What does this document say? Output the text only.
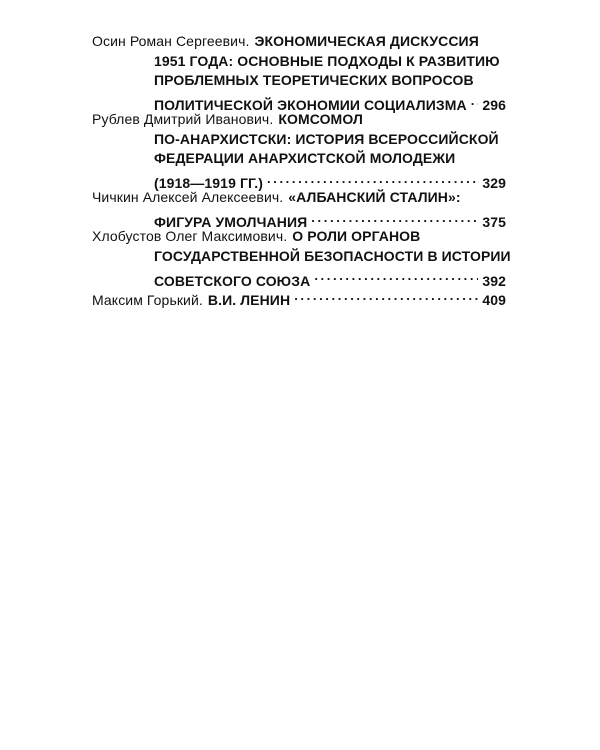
Осин Роман Сергеевич. ЭКОНОМИЧЕСКАЯ ДИСКУССИЯ
1951 ГОДА: ОСНОВНЫЕ ПОДХОДЫ К РАЗВИТИЮ
ПРОБЛЕМНЫХ ТЕОРЕТИЧЕСКИХ ВОПРОСОВ
ПОЛИТИЧЕСКОЙ ЭКОНОМИИ СОЦИАЛИЗМА . . . 296
Рублев Дмитрий Иванович. КОМСОМОЛ
ПО-АНАРХИСТСКИ: ИСТОРИЯ ВСЕРОССИЙСКОЙ
ФЕДЕРАЦИИ АНАРХИСТСКОЙ МОЛОДЕЖИ
(1918—1919 ГГ.) . . .	329
Чичкин Алексей Алексеевич. «АЛБАНСКИЙ СТАЛИН»:
ФИГУРА УМОЛЧАНИЯ . . .	375
Хлобустов Олег Максимович. О РОЛИ ОРГАНОВ
ГОСУДАРСТВЕННОЙ БЕЗОПАСНОСТИ В ИСТОРИИ
СОВЕТСКОГО СОЮЗА . . .	392
Максим Горький. В.И. ЛЕНИН . . .	409
